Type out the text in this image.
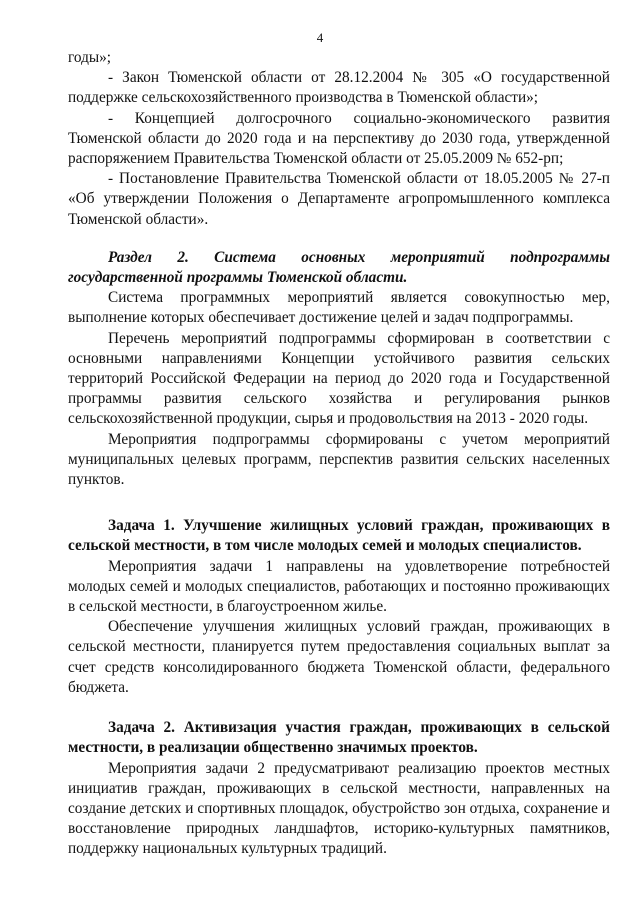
4

годы»;

- Закон Тюменской области от 28.12.2004 № 305 «О государственной поддержке сельскохозяйственного производства в Тюменской области»;

- Концепцией долгосрочного социально-экономического развития Тюменской области до 2020 года и на перспективу до 2030 года, утвержденной распоряжением Правительства Тюменской области от 25.05.2009 № 652-рп;

- Постановление Правительства Тюменской области от 18.05.2005 № 27-п «Об утверждении Положения о Департаменте агропромышленного комплекса Тюменской области».

Раздел 2. Система основных мероприятий подпрограммы государственной программы Тюменской области.

Система программных мероприятий является совокупностью мер, выполнение которых обеспечивает достижение целей и задач подпрограммы.

Перечень мероприятий подпрограммы сформирован в соответствии с основными направлениями Концепции устойчивого развития сельских территорий Российской Федерации на период до 2020 года и Государственной программы развития сельского хозяйства и регулирования рынков сельскохозяйственной продукции, сырья и продовольствия на 2013 - 2020 годы.

Мероприятия подпрограммы сформированы с учетом мероприятий муниципальных целевых программ, перспектив развития сельских населенных пунктов.

Задача 1. Улучшение жилищных условий граждан, проживающих в сельской местности, в том числе молодых семей и молодых специалистов.

Мероприятия задачи 1 направлены на удовлетворение потребностей молодых семей и молодых специалистов, работающих и постоянно проживающих в сельской местности, в благоустроенном жилье.

Обеспечение улучшения жилищных условий граждан, проживающих в сельской местности, планируется путем предоставления социальных выплат за счет средств консолидированного бюджета Тюменской области, федерального бюджета.

Задача 2. Активизация участия граждан, проживающих в сельской местности, в реализации общественно значимых проектов.

Мероприятия задачи 2 предусматривают реализацию проектов местных инициатив граждан, проживающих в сельской местности, направленных на создание детских и спортивных площадок, обустройство зон отдыха, сохранение и восстановление природных ландшафтов, историко-культурных памятников, поддержку национальных культурных традиций.
